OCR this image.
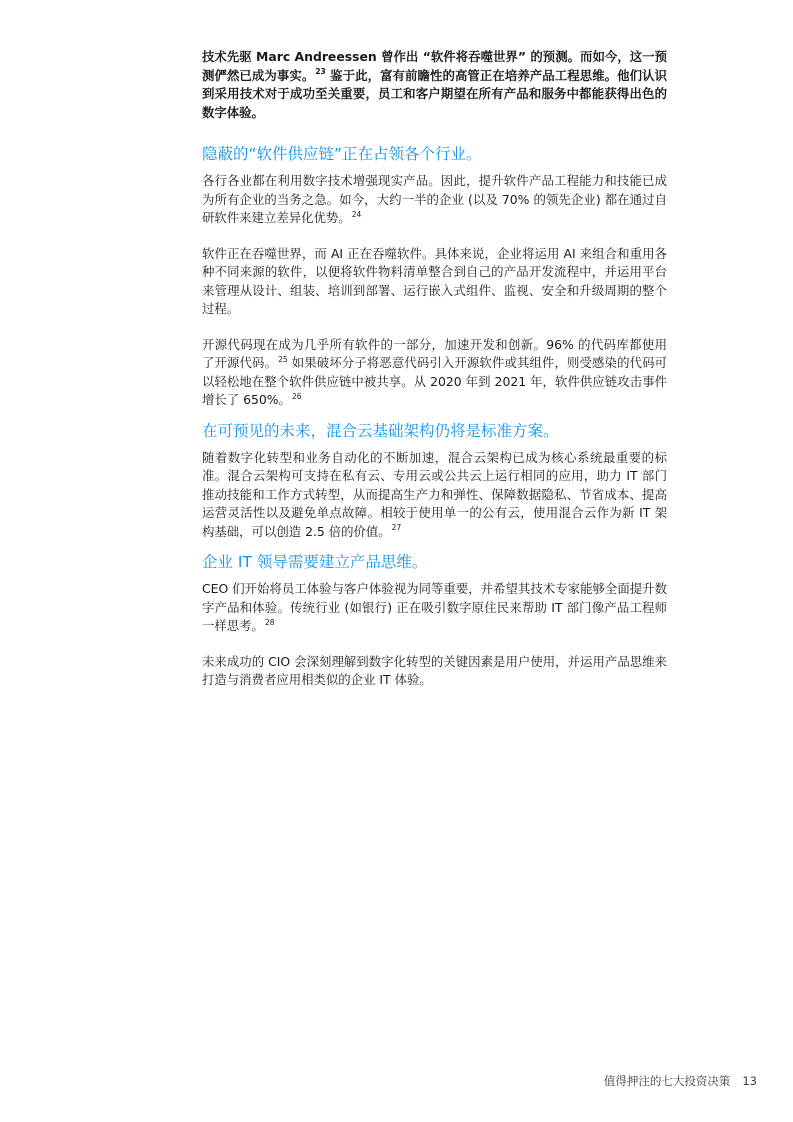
技术先驱 Marc Andreessen 曾作出 “软件将吞噬世界” 的预测。而如今，这一预测俨然已成为事实。$^{23}$ 鉴于此，富有前瞻性的高管正在培养产品工程思维。他们认识到采用技术对于成功至关重要，员工和客户期望在所有产品和服务中都能获得出色的数字体验。

隐蔽的“软件供应链”正在占领各个行业。

各行各业都在利用数字技术增强现实产品。因此，提升软件产品工程能力和技能已成为所有企业的当务之急。如今，大约一半的企业 (以及 70% 的领先企业) 都在通过自研软件来建立差异化优势。$^{24}$

软件正在吞噬世界，而 AI 正在吞噬软件。具体来说，企业将运用 AI 来组合和重用各种不同来源的软件，以便将软件物料清单整合到自己的产品开发流程中，并运用平台来管理从设计、组装、培训到部署、运行嵌入式组件、监视、安全和升级周期的整个过程。

开源代码现在成为几乎所有软件的一部分，加速开发和创新。96% 的代码库都使用了开源代码。$^{25}$ 如果破坏分子将恶意代码引入开源软件或其组件，则受感染的代码可以轻松地在整个软件供应链中被共享。从 2020 年到 2021 年，软件供应链攻击事件增长了 650%。$^{26}$

在可预见的未来，混合云基础架构仍将是标准方案。

随着数字化转型和业务自动化的不断加速，混合云架构已成为核心系统最重要的标准。混合云架构可支持在私有云、专用云或公共云上运行相同的应用，助力 IT 部门推动技能和工作方式转型，从而提高生产力和弹性、保障数据隐私、节省成本、提高运营灵活性以及避免单点故障。相较于使用单一的公有云，使用混合云作为新 IT 架构基础，可以创造 2.5 倍的价值。$^{27}$

企业 IT 领导需要建立产品思维。

CEO 们开始将员工体验与客户体验视为同等重要，并希望其技术专家能够全面提升数字产品和体验。传统行业 (如银行) 正在吸引数字原住民来帮助 IT 部门像产品工程师一样思考。$^{28}$

未来成功的 CIO 会深刻理解到数字化转型的关键因素是用户使用，并运用产品思维来打造与消费者应用相类似的企业 IT 体验。

值得押注的七大投资决策 13
